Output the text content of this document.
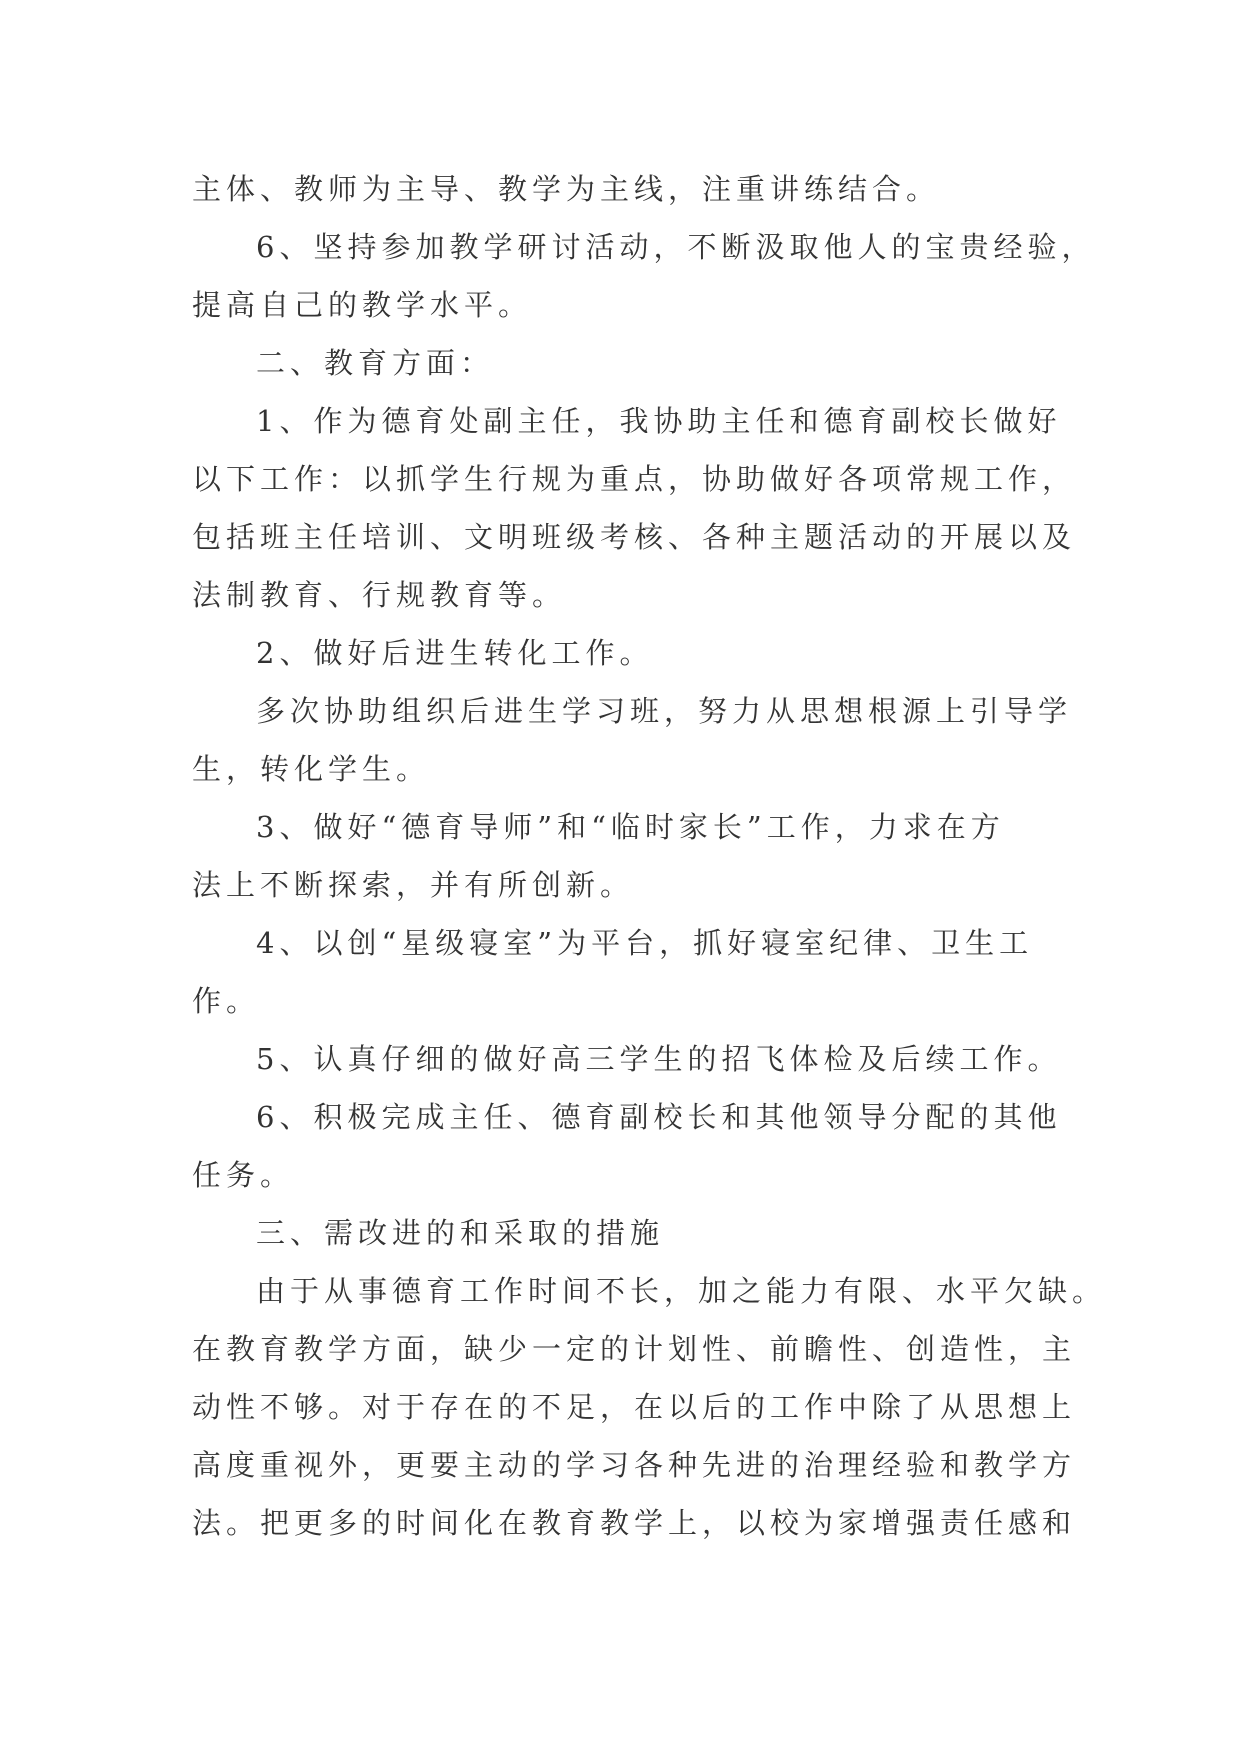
主体、教师为主导、教学为主线，注重讲练结合。
6、坚持参加教学研讨活动，不断汲取他人的宝贵经验，
提高自己的教学水平。
二、教育方面：
1、作为德育处副主任，我协助主任和德育副校长做好
以下工作：以抓学生行规为重点，协助做好各项常规工作，
包括班主任培训、文明班级考核、各种主题活动的开展以及
法制教育、行规教育等。
2、做好后进生转化工作。
多次协助组织后进生学习班，努力从思想根源上引导学
生，转化学生。
3、做好“德育导师”和“临时家长”工作，力求在方
法上不断探索，并有所创新。
4、以创“星级寝室”为平台，抓好寝室纪律、卫生工
作。
5、认真仔细的做好高三学生的招飞体检及后续工作。
6、积极完成主任、德育副校长和其他领导分配的其他
任务。
三、需改进的和采取的措施
由于从事德育工作时间不长，加之能力有限、水平欠缺。
在教育教学方面，缺少一定的计划性、前瞻性、创造性，主
动性不够。对于存在的不足，在以后的工作中除了从思想上
高度重视外，更要主动的学习各种先进的治理经验和教学方
法。把更多的时间化在教育教学上，以校为家增强责任感和
